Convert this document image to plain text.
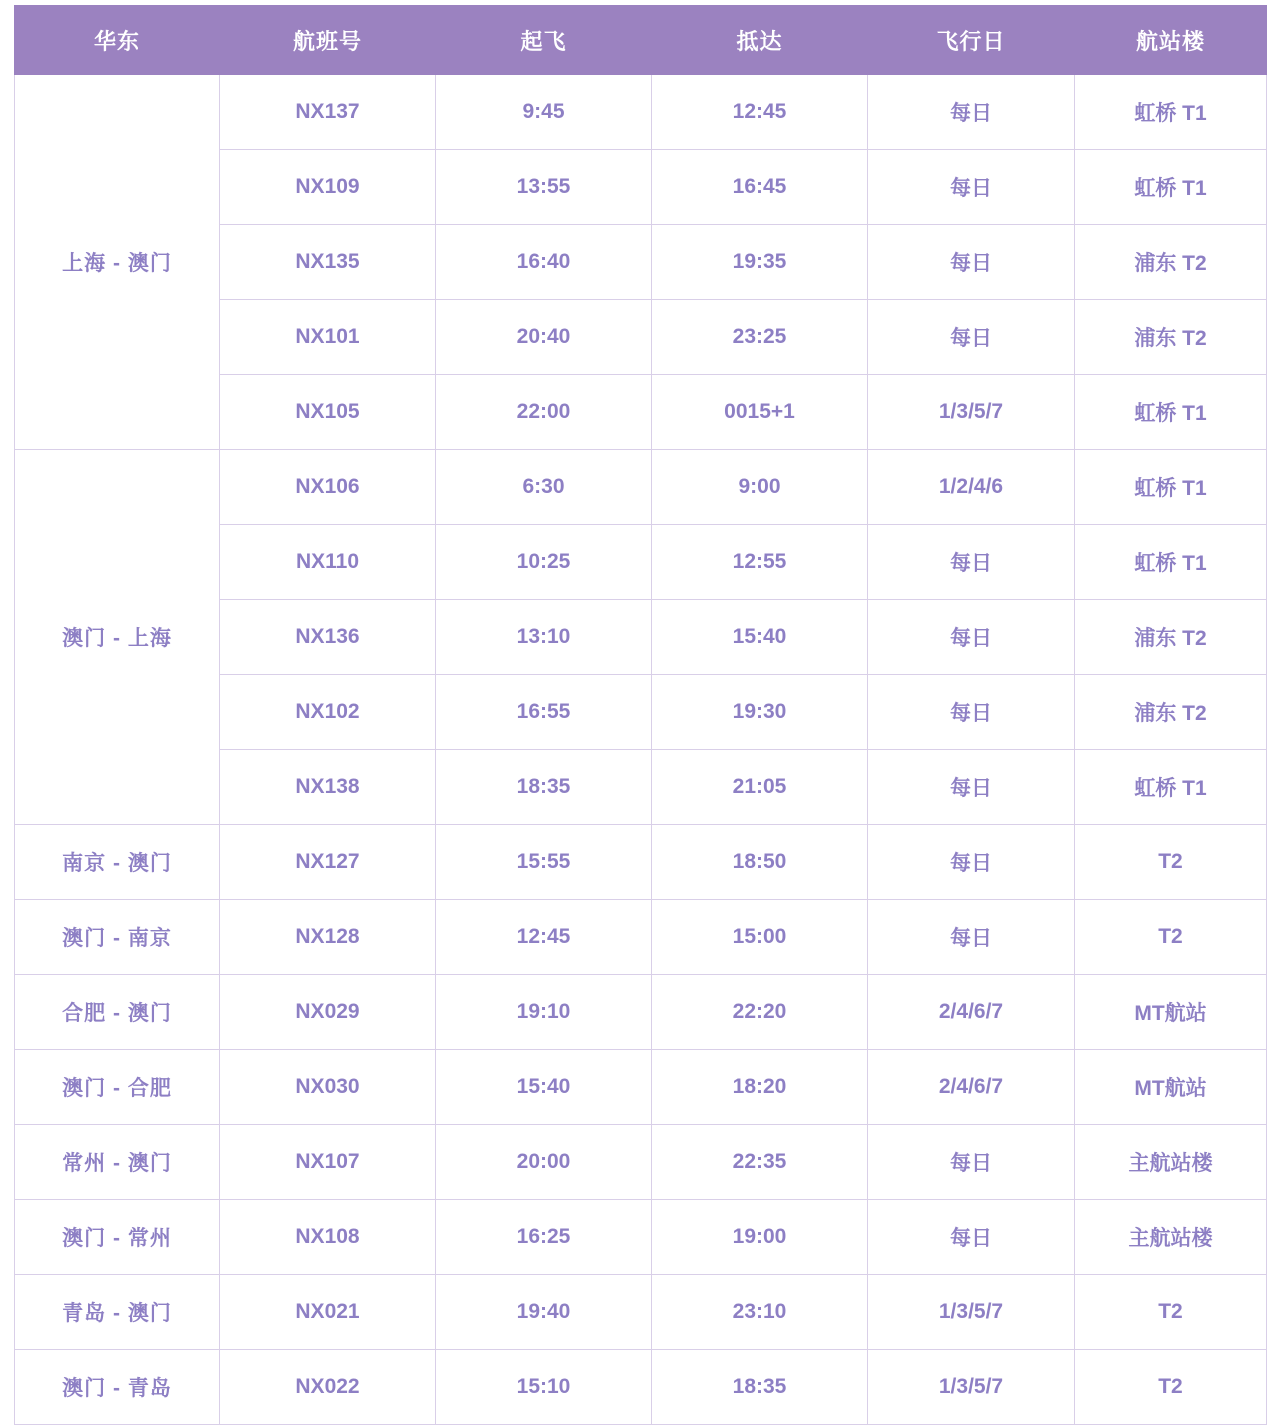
华东	航班号	起飞	抵达	飞行日	航站楼
上海 - 澳门	NX137	9:45	12:45	每日	虹桥 T1
	NX109	13:55	16:45	每日	虹桥 T1
	NX135	16:40	19:35	每日	浦东 T2
	NX101	20:40	23:25	每日	浦东 T2
	NX105	22:00	0015+1	1/3/5/7	虹桥 T1
澳门 - 上海	NX106	6:30	9:00	1/2/4/6	虹桥 T1
	NX110	10:25	12:55	每日	虹桥 T1
	NX136	13:10	15:40	每日	浦东 T2
	NX102	16:55	19:30	每日	浦东 T2
	NX138	18:35	21:05	每日	虹桥 T1
南京 - 澳门	NX127	15:55	18:50	每日	T2
澳门 - 南京	NX128	12:45	15:00	每日	T2
合肥 - 澳门	NX029	19:10	22:20	2/4/6/7	MT航站
澳门 - 合肥	NX030	15:40	18:20	2/4/6/7	MT航站
常州 - 澳门	NX107	20:00	22:35	每日	主航站楼
澳门 - 常州	NX108	16:25	19:00	每日	主航站楼
青岛 - 澳门	NX021	19:40	23:10	1/3/5/7	T2
澳门 - 青岛	NX022	15:10	18:35	1/3/5/7	T2
